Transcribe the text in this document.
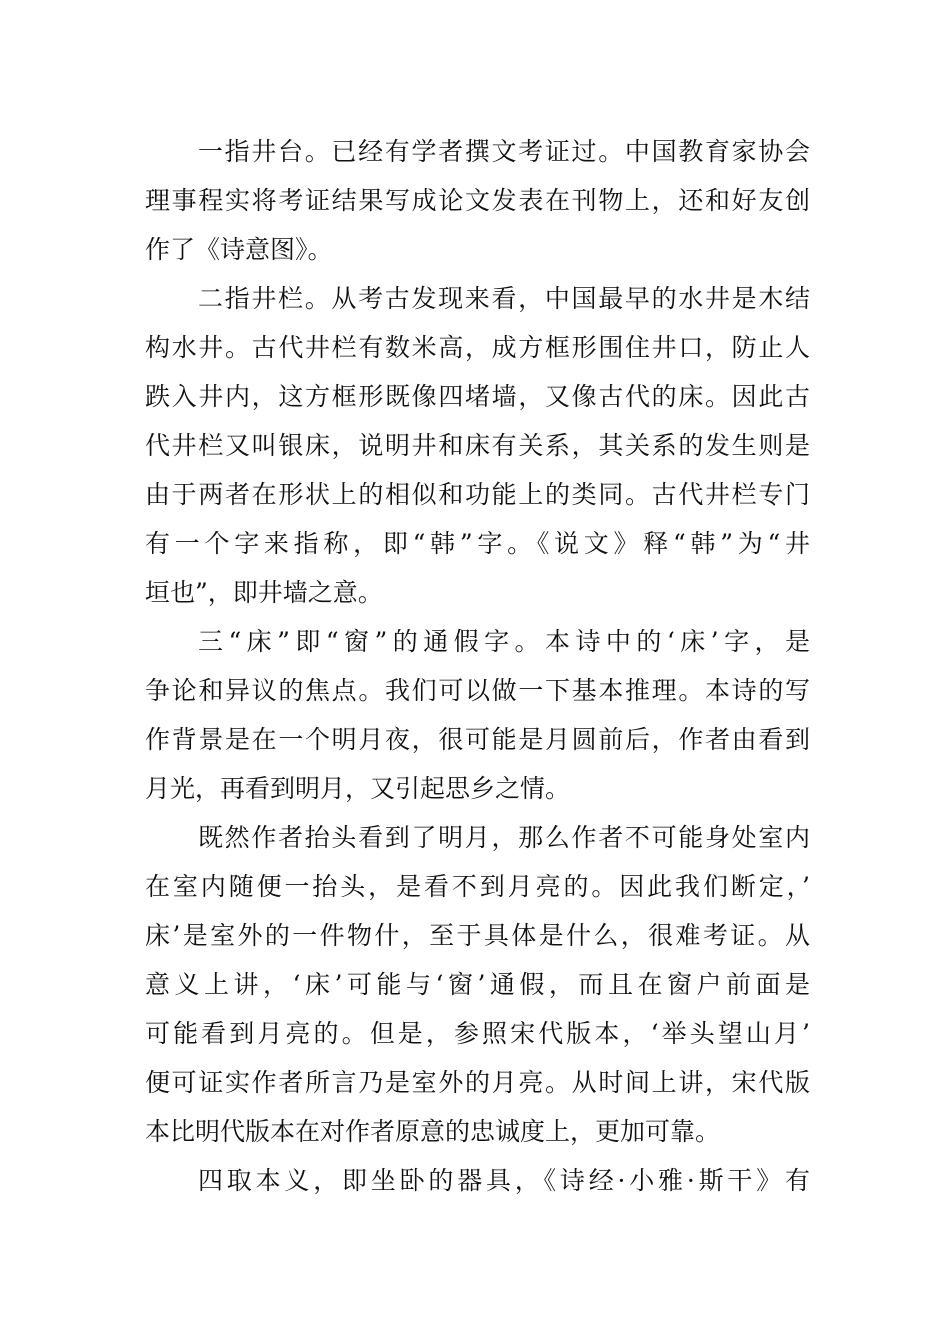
一指井台。已经有学者撰文考证过。中国教育家协会
理事程实将考证结果写成论文发表在刊物上，还和好友创
作了《诗意图》。
二指井栏。从考古发现来看，中国最早的水井是木结
构水井。古代井栏有数米高，成方框形围住井口，防止人
跌入井内，这方框形既像四堵墙，又像古代的床。因此古
代井栏又叫银床，说明井和床有关系，其关系的发生则是
由于两者在形状上的相似和功能上的类同。古代井栏专门
有一个字来指称，即“韩”字。《说文》释“韩”为“井
垣也”，即井墙之意。
三“床”即“窗”的通假字。本诗中的‘床’字，是
争论和异议的焦点。我们可以做一下基本推理。本诗的写
作背景是在一个明月夜，很可能是月圆前后，作者由看到
月光，再看到明月，又引起思乡之情。
既然作者抬头看到了明月，那么作者不可能身处室内
在室内随便一抬头，是看不到月亮的。因此我们断定，’
床’是室外的一件物什，至于具体是什么，很难考证。从
意义上讲，‘床’可能与‘窗’通假，而且在窗户前面是
可能看到月亮的。但是，参照宋代版本，‘举头望山月’
便可证实作者所言乃是室外的月亮。从时间上讲，宋代版
本比明代版本在对作者原意的忠诚度上，更加可靠。
四取本义，即坐卧的器具，《诗经·小雅·斯干》有
